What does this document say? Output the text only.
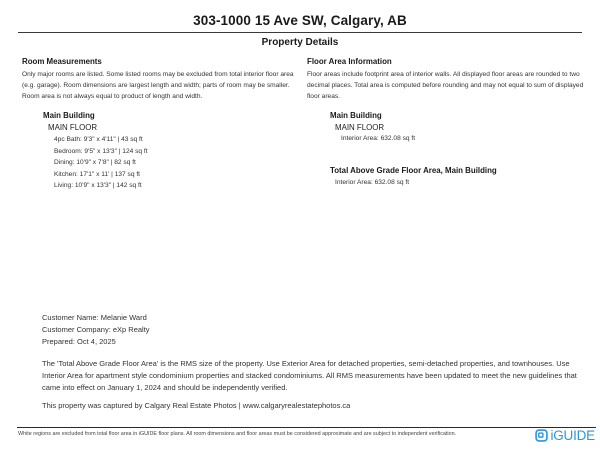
303-1000 15 Ave SW, Calgary, AB
Property Details
Room Measurements
Only major rooms are listed. Some listed rooms may be excluded from total interior floor area (e.g. garage). Room dimensions are largest length and width; parts of room may be smaller. Room area is not always equal to product of length and width.
Main Building
MAIN FLOOR
4pc Bath: 9'3" x 4'11" | 43 sq ft
Bedroom: 9'5" x 13'3" | 124 sq ft
Dining: 10'9" x 7'8" | 82 sq ft
Kitchen: 17'1" x 11' | 137 sq ft
Living: 10'9" x 13'3" | 142 sq ft
Floor Area Information
Floor areas include footprint area of interior walls. All displayed floor areas are rounded to two decimal places. Total area is computed before rounding and may not equal to sum of displayed floor areas.
Main Building
MAIN FLOOR
Interior Area: 632.08 sq ft
Total Above Grade Floor Area, Main Building
Interior Area: 632.08 sq ft
Customer Name: Melanie Ward
Customer Company: eXp Realty
Prepared: Oct 4, 2025
The 'Total Above Grade Floor Area' is the RMS size of the property. Use Exterior Area for detached properties, semi-detached properties, and townhouses. Use Interior Area for apartment style condominium properties and stacked condominiums. All RMS measurements have been updated to meet the new guidelines that came into effect on January 1, 2024 and should be independently verified.
This property was captured by Calgary Real Estate Photos | www.calgaryrealestatephotos.ca
White regions are excluded from total floor area in iGUIDE floor plans. All room dimensions and floor areas must be considered approximate and are subject to independent verification.	iGUIDE
